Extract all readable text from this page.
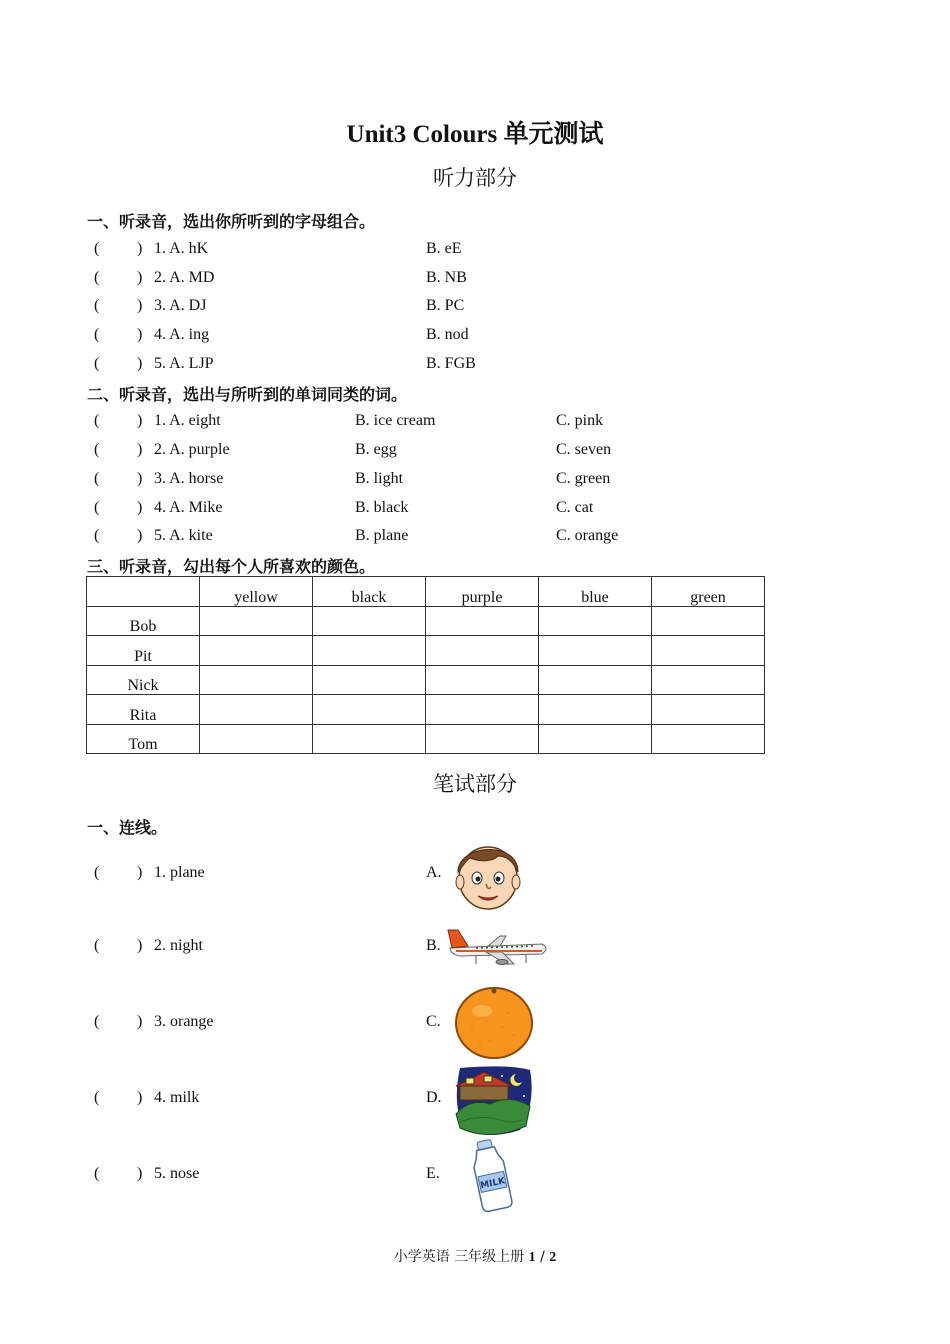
Unit3 Colours 单元测试
听力部分
一、听录音，选出你所听到的字母组合。
( ) 1. A. hK	B. eE
( ) 2. A. MD	B. NB
( ) 3. A. DJ	B. PC
( ) 4. A. ing	B. nod
( ) 5. A. LJP	B. FGB
二、听录音，选出与所听到的单词同类的词。
( ) 1. A. eight	B. ice cream	C. pink
( ) 2. A. purple	B. egg	C. seven
( ) 3. A. horse	B. light	C. green
( ) 4. A. Mike	B. black	C. cat
( ) 5. A. kite	B. plane	C. orange
三、听录音，勾出每个人所喜欢的颜色。
	yellow	black	purple	blue	green
Bob					
Pit					
Nick					
Rita					
Tom					
笔试部分
一、连线。
( ) 1. plane	A.
( ) 2. night	B.
( ) 3. orange	C.
( ) 4. milk	D.
( ) 5. nose	E.
MILK
小学英语 三年级上册 1 / 2
